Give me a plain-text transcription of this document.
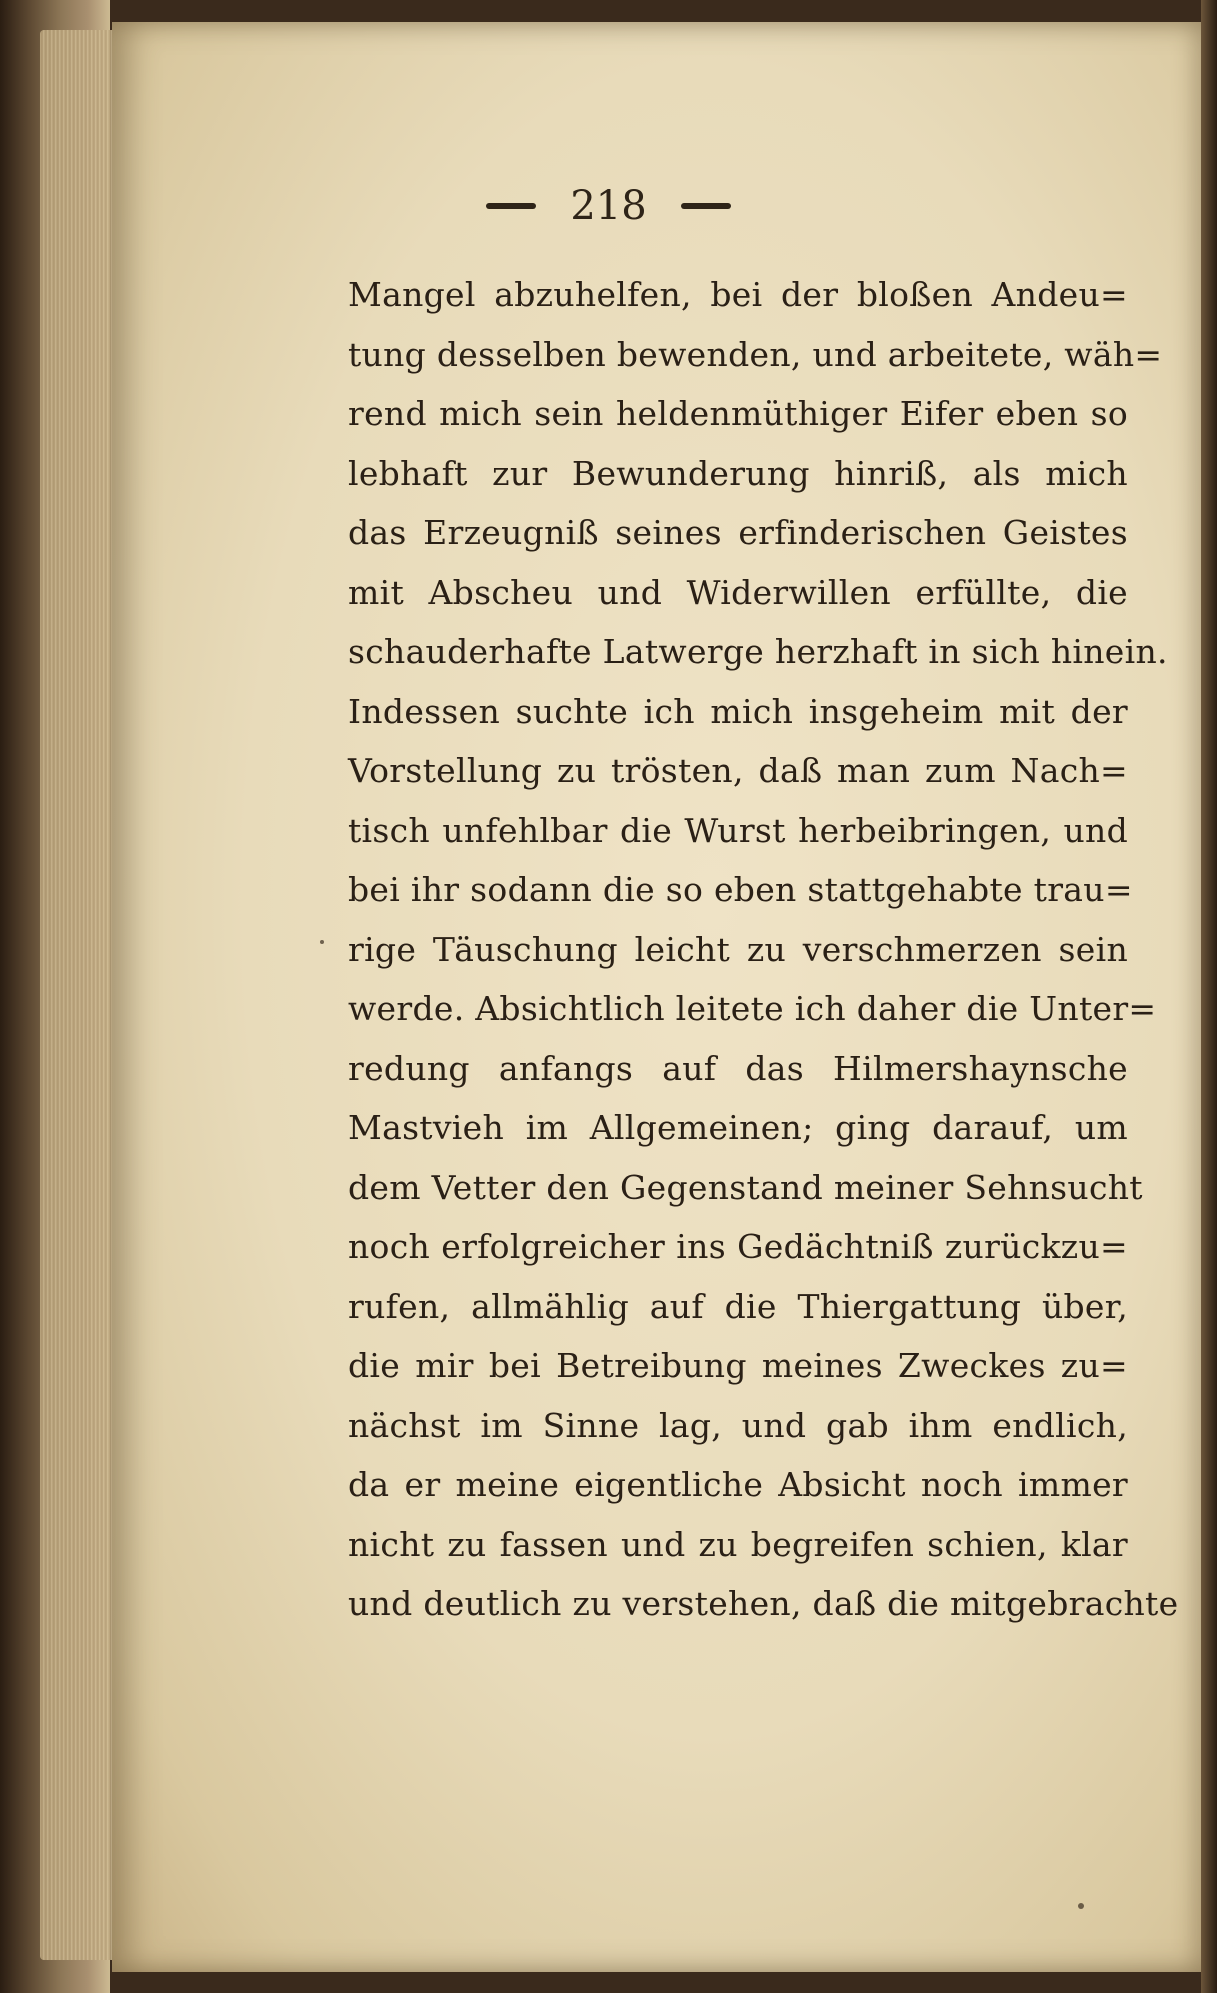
218
Mangel abzuhelfen, bei der bloßen Andeu=
tung desselben bewenden, und arbeitete, wäh=
rend mich sein heldenmüthiger Eifer eben so
lebhaft zur Bewunderung hinriß, als mich
das Erzeugniß seines erfinderischen Geistes
mit Abscheu und Widerwillen erfüllte, die
schauderhafte Latwerge herzhaft in sich hinein.
Indessen suchte ich mich insgeheim mit der
Vorstellung zu trösten, daß man zum Nach=
tisch unfehlbar die Wurst herbeibringen, und
bei ihr sodann die so eben stattgehabte trau=
rige Täuschung leicht zu verschmerzen sein
werde. Absichtlich leitete ich daher die Unter=
redung anfangs auf das Hilmershaynsche
Mastvieh im Allgemeinen; ging darauf, um
dem Vetter den Gegenstand meiner Sehnsucht
noch erfolgreicher ins Gedächtniß zurückzu=
rufen, allmählig auf die Thiergattung über,
die mir bei Betreibung meines Zweckes zu=
nächst im Sinne lag, und gab ihm endlich,
da er meine eigentliche Absicht noch immer
nicht zu fassen und zu begreifen schien, klar
und deutlich zu verstehen, daß die mitgebrachte
